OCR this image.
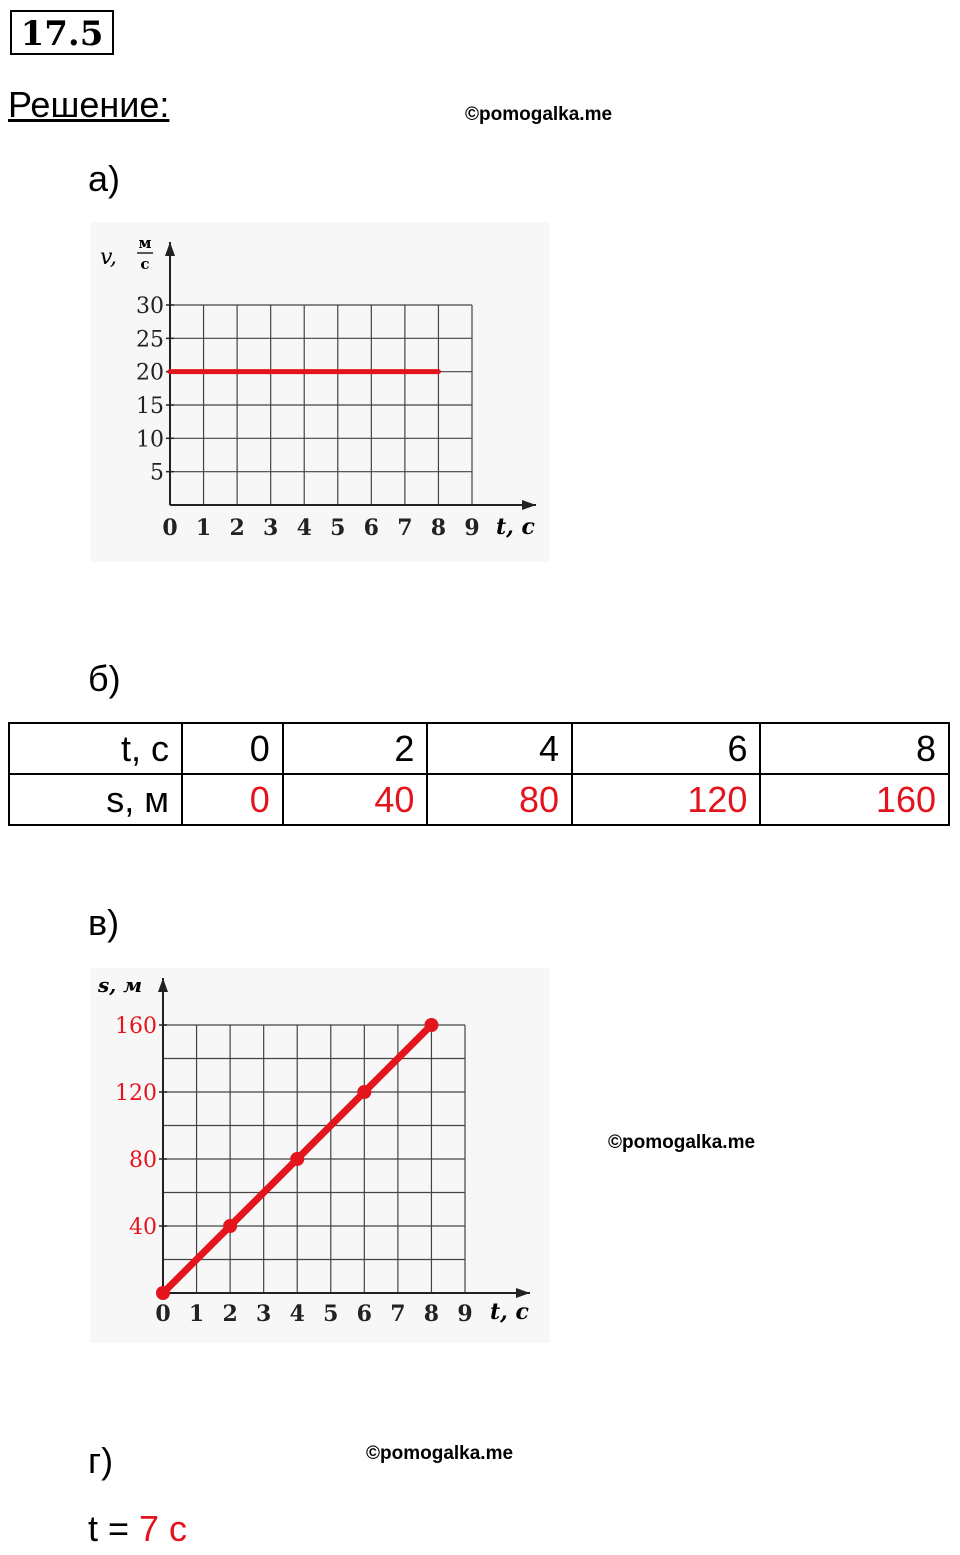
17.5
Решение:	©pomogalka.me
а)
0 1 2 3 4 5 6 7 8 9
5
10
15
20
25
30
v,
м
с
t, c
б)
t, c	0	2	4	6	8
s, м	0	40	80	120	160
в)
0 1 2 3 4 5 6 7 8 9
40
80
120
160
s, м
t, c
©pomogalka.me
г)	©pomogalka.me
t = 7 c
